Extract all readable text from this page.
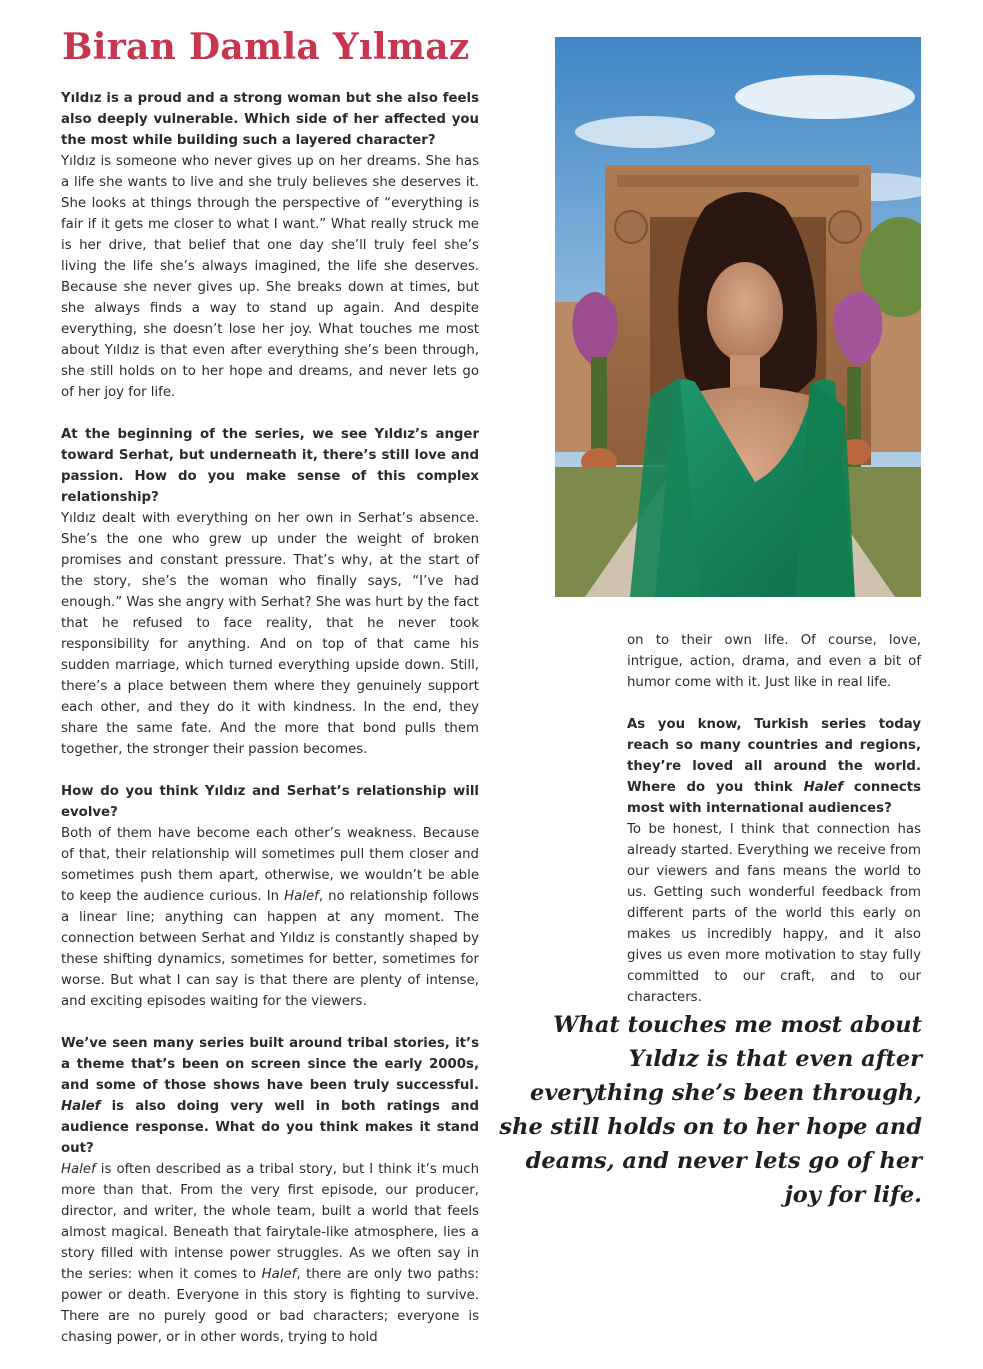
Biran Damla Yılmaz

Yıldız is a proud and a strong woman but she also feels also deeply vulnerable. Which side of her affected you the most while building such a layered character?

Yıldız is someone who never gives up on her dreams. She has a life she wants to live and she truly believes she deserves it. She looks at things through the perspective of “everything is fair if it gets me closer to what I want.” What really struck me is her drive, that belief that one day she’ll truly feel she’s living the life she’s always imagined, the life she deserves. Because she never gives up. She breaks down at times, but she always finds a way to stand up again. And despite everything, she doesn’t lose her joy. What touches me most about Yıldız is that even after everything she’s been through, she still holds on to her hope and dreams, and never lets go of her joy for life.

At the beginning of the series, we see Yıldız’s anger toward Serhat, but underneath it, there’s still love and passion. How do you make sense of this complex relationship?

Yıldız dealt with everything on her own in Serhat’s absence. She’s the one who grew up under the weight of broken promises and constant pressure. That’s why, at the start of the story, she’s the woman who finally says, “I’ve had enough.” Was she angry with Serhat? She was hurt by the fact that he refused to face reality, that he never took responsibility for anything. And on top of that came his sudden marriage, which turned everything upside down. Still, there’s a place between them where they genuinely support each other, and they do it with kindness. In the end, they share the same fate. And the more that bond pulls them together, the stronger their passion becomes.

How do you think Yıldız and Serhat’s relationship will evolve?

Both of them have become each other’s weakness. Because of that, their relationship will sometimes pull them closer and sometimes push them apart, otherwise, we wouldn’t be able to keep the audience curious. In Halef, no relationship follows a linear line; anything can happen at any moment. The connection between Serhat and Yıldız is constantly shaped by these shifting dynamics, sometimes for better, sometimes for worse. But what I can say is that there are plenty of intense, and exciting episodes waiting for the viewers.

We’ve seen many series built around tribal stories, it’s a theme that’s been on screen since the early 2000s, and some of those shows have been truly successful. Halef is also doing very well in both ratings and audience response. What do you think makes it stand out?

Halef is often described as a tribal story, but I think it’s much more than that. From the very first episode, our producer, director, and writer, the whole team, built a world that feels almost magical. Beneath that fairytale-like atmosphere, lies a story filled with intense power struggles. As we often say in the series: when it comes to Halef, there are only two paths: power or death. Everyone in this story is fighting to survive. There are no purely good or bad characters; everyone is chasing power, or in other words, trying to hold

on to their own life. Of course, love, intrigue, action, drama, and even a bit of humor come with it. Just like in real life.

As you know, Turkish series today reach so many countries and regions, they’re loved all around the world. Where do you think Halef connects most with international audiences?

To be honest, I think that connection has already started. Everything we receive from our viewers and fans means the world to us. Getting such wonderful feedback from different parts of the world this early on makes us incredibly happy, and it also gives us even more motivation to stay fully committed to our craft, and to our characters.

What touches me most about Yıldız is that even after everything she’s been through, she still holds on to her hope and deams, and never lets go of her joy for life.
